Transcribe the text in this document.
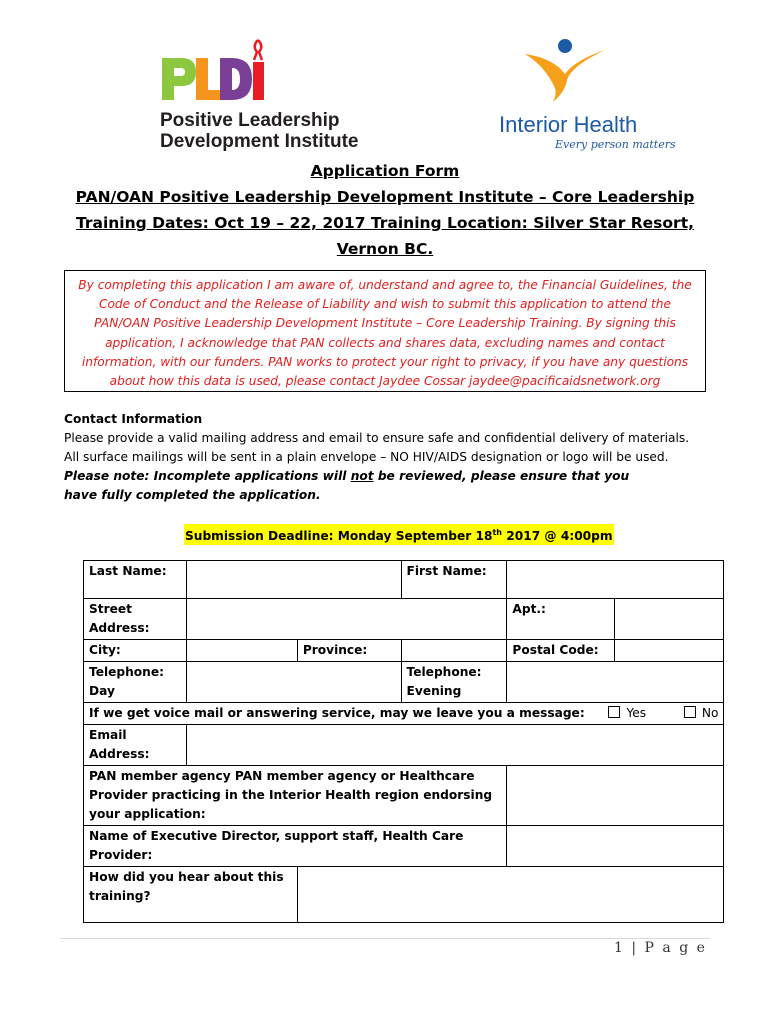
Positive Leadership
Development Institute
Interior Health
Every person matters
Application Form
PAN/OAN Positive Leadership Development Institute – Core Leadership
Training Dates: Oct 19 – 22, 2017 Training Location: Silver Star Resort,
Vernon BC.
By completing this application I am aware of, understand and agree to, the Financial Guidelines, the Code of Conduct and the Release of Liability and wish to submit this application to attend the PAN/OAN Positive Leadership Development Institute – Core Leadership Training. By signing this application, I acknowledge that PAN collects and shares data, excluding names and contact information, with our funders. PAN works to protect your right to privacy, if you have any questions about how this data is used, please contact Jaydee Cossar jaydee@pacificaidsnetwork.org
Contact Information
Please provide a valid mailing address and email to ensure safe and confidential delivery of materials.
All surface mailings will be sent in a plain envelope – NO HIV/AIDS designation or logo will be used.
Please note: Incomplete applications will not be reviewed, please ensure that you have fully completed the application.
Submission Deadline: Monday September 18th 2017 @ 4:00pm
Last Name:			First Name:		
Street Address:				Apt.:	
City:		Province:		Postal Code:	
Telephone: Day			Telephone: Evening		
If we get voice mail or answering service, may we leave you a message: Yes No					
Email Address:					
PAN member agency PAN member agency or Healthcare Provider practicing in the Interior Health region endorsing your application:					
Name of Executive Director, support staff, Health Care Provider:					
How did you hear about this training?					
1 | P a g e
